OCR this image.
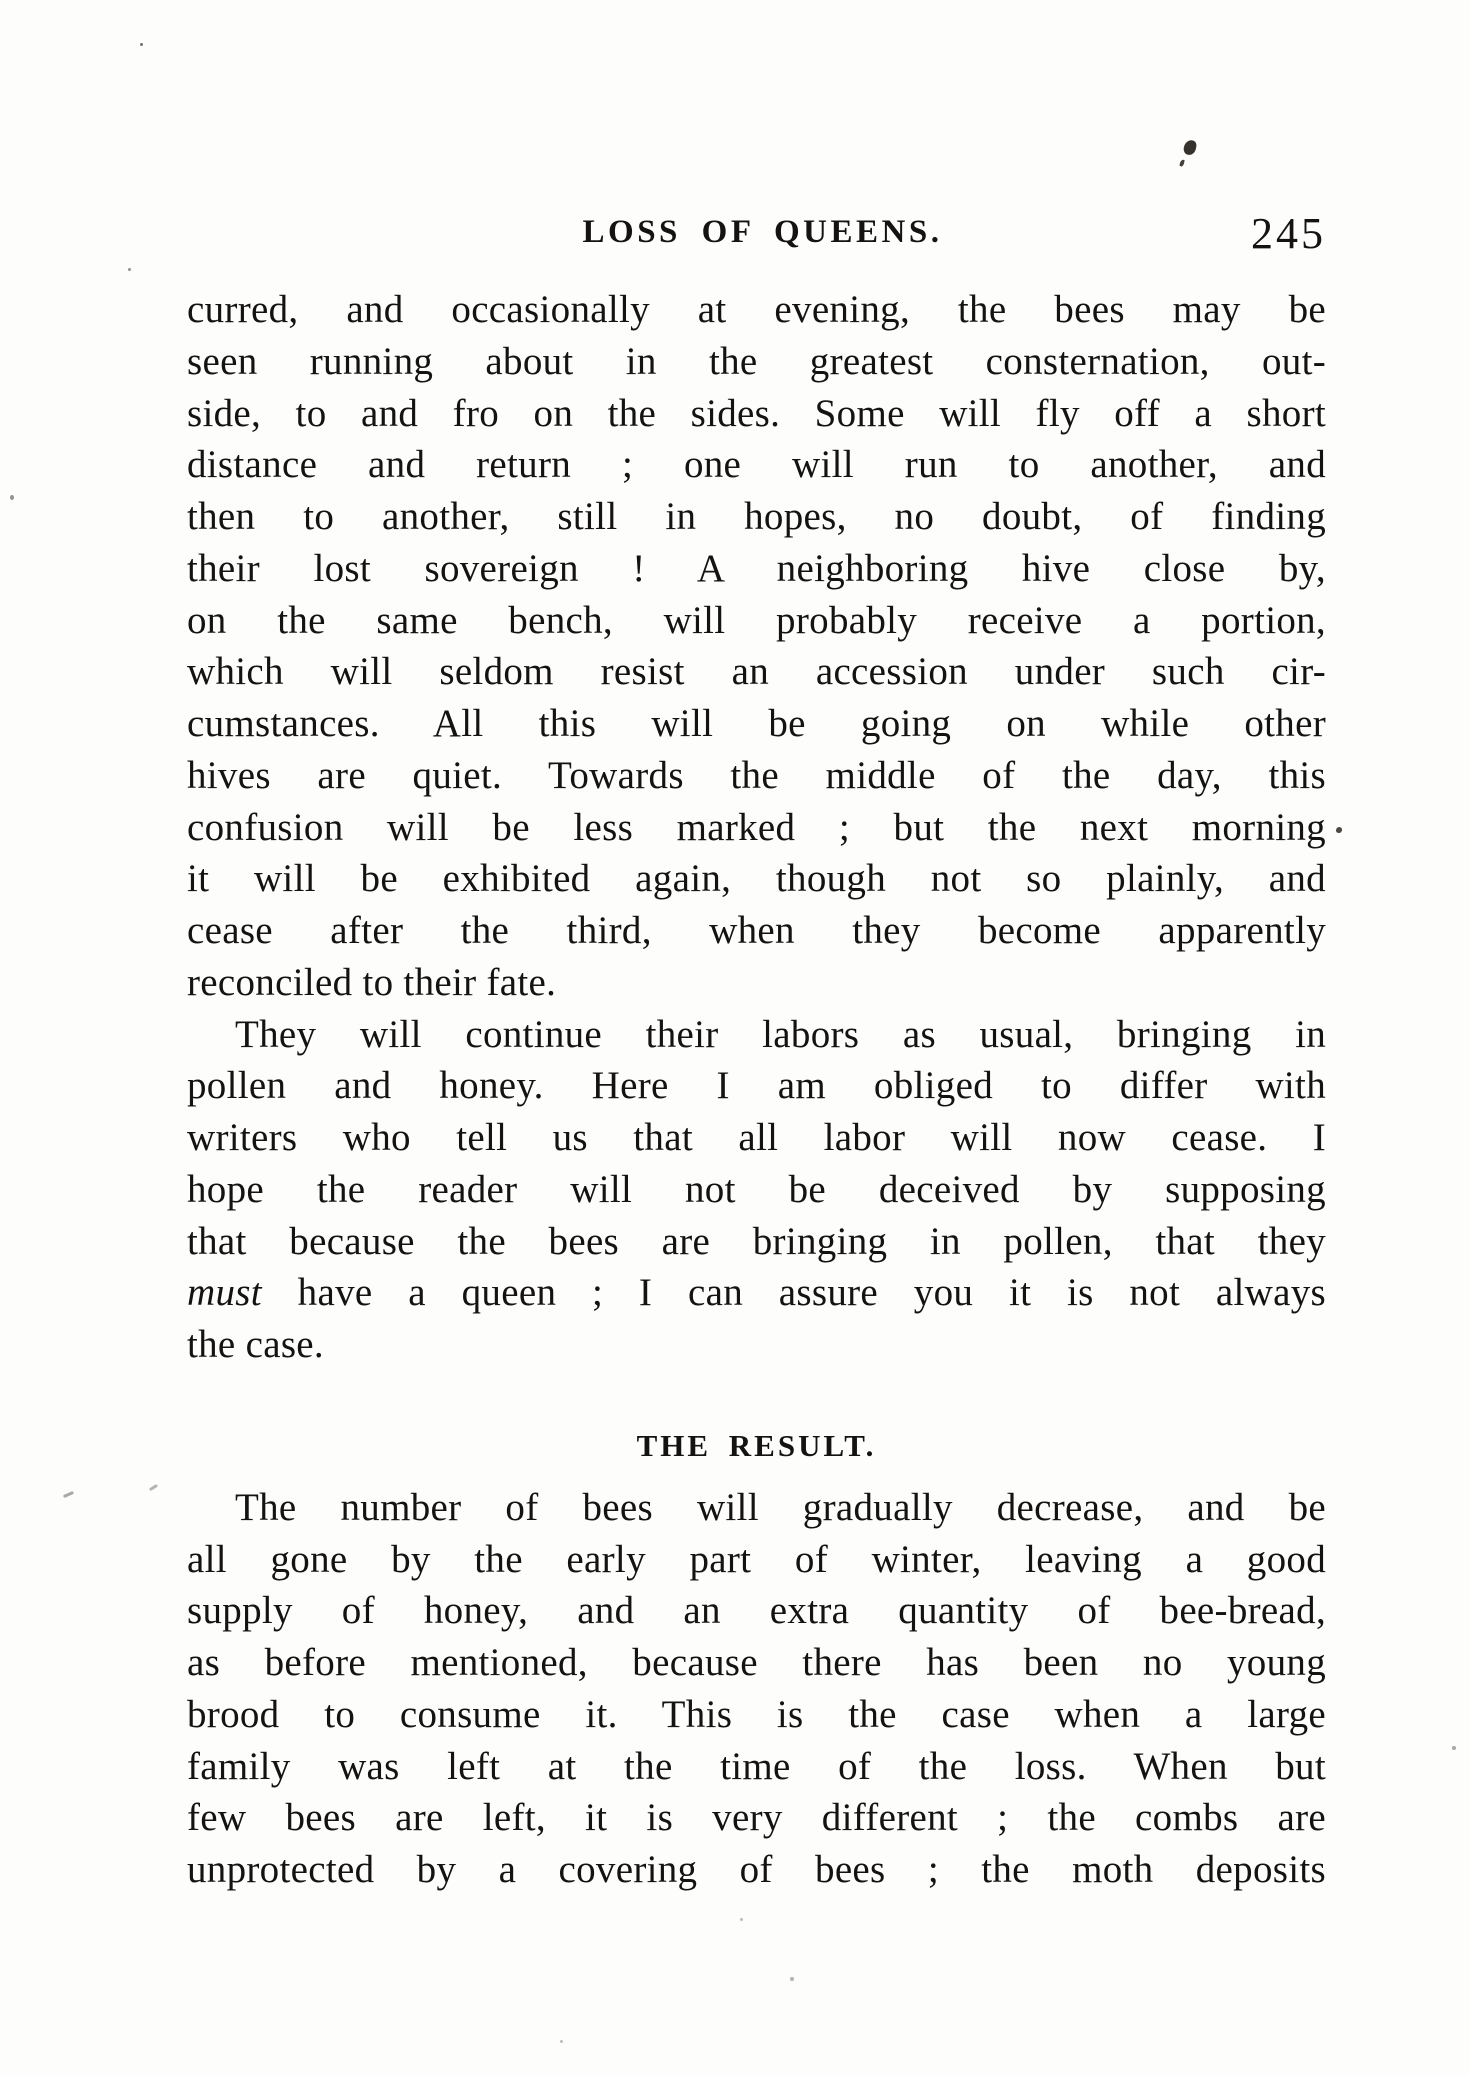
LOSS OF QUEENS.	245
curred, and occasionally at evening, the bees may be
seen running about in the greatest consternation, out-
side, to and fro on the sides. Some will fly off a short
distance and return ; one will run to another, and
then to another, still in hopes, no doubt, of finding
their lost sovereign ! A neighboring hive close by,
on the same bench, will probably receive a portion,
which will seldom resist an accession under such cir-
cumstances. All this will be going on while other
hives are quiet. Towards the middle of the day, this
confusion will be less marked ; but the next morning
it will be exhibited again, though not so plainly, and
cease after the third, when they become apparently
reconciled to their fate.
They will continue their labors as usual, bringing in
pollen and honey. Here I am obliged to differ with
writers who tell us that all labor will now cease. I
hope the reader will not be deceived by supposing
that because the bees are bringing in pollen, that they
must have a queen ; I can assure you it is not always
the case.
THE RESULT.
The number of bees will gradually decrease, and be
all gone by the early part of winter, leaving a good
supply of honey, and an extra quantity of bee-bread,
as before mentioned, because there has been no young
brood to consume it. This is the case when a large
family was left at the time of the loss. When but
few bees are left, it is very different ; the combs are
unprotected by a covering of bees ; the moth deposits
